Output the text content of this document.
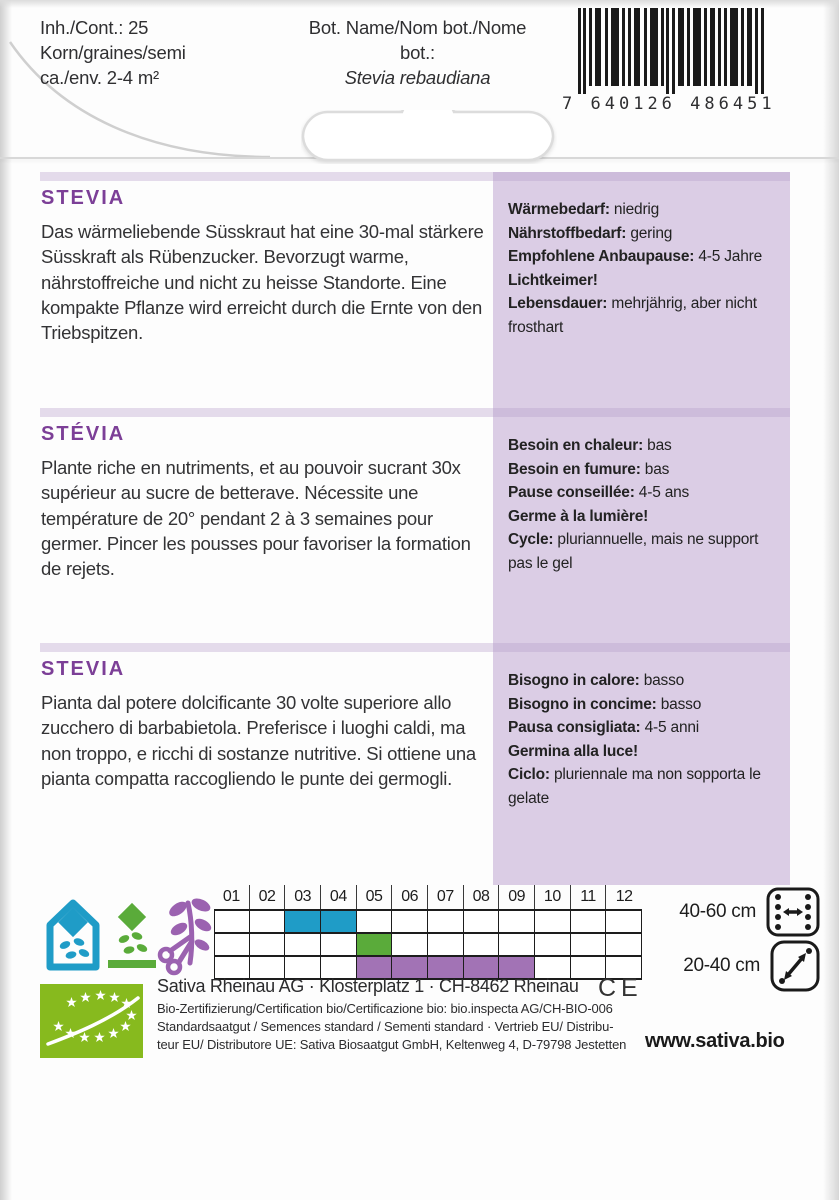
Inh./Cont.: 25 Korn/graines/semi
ca./env. 2-4 m²
Bot. Name/Nom bot./Nome bot.:
Stevia rebaudiana
7 640126 486451
STEVIA
Das wärmeliebende Süsskraut hat eine 30-mal stärkere Süsskraft als Rübenzucker. Bevorzugt warme, nährstoffreiche und nicht zu heisse Standorte. Eine kompakte Pflanze wird erreicht durch die Ernte von den Triebspitzen.
Wärmebedarf: niedrig
Nährstoffbedarf: gering
Empfohlene Anbaupause: 4-5 Jahre
Lichtkeimer!
Lebensdauer: mehrjährig, aber nicht frosthart
STÉVIA
Plante riche en nutriments, et au pouvoir sucrant 30x supérieur au sucre de betterave. Nécessite une température de 20° pendant 2 à 3 semaines pour germer. Pincer les pousses pour favoriser la formation de rejets.
Besoin en chaleur: bas
Besoin en fumure: bas
Pause conseillée: 4-5 ans
Germe à la lumière!
Cycle: pluriannuelle, mais ne support pas le gel
STEVIA
Pianta dal potere dolcificante 30 volte superiore allo zucchero di barbabietola. Preferisce i luoghi caldi, ma non troppo, e ricchi di sostanze nutritive. Si ottiene una pianta compatta raccogliendo le punte dei germogli.
Bisogno in calore: basso
Bisogno in concime: basso
Pausa consigliata: 4-5 anni
Germina alla luce!
Ciclo: pluriennale ma non sopporta le gelate
01	02	03	04	05	06	07	08	09	10	11	12
40-60 cm
20-40 cm
Sativa Rheinau AG · Klosterplatz 1 · CH-8462 Rheinau
Bio-Zertifizierung/Certification bio/Certificazione bio: bio.inspecta AG/CH-BIO-006
Standardsaatgut / Semences standard / Sementi standard · Vertrieb EU/ Distribu-
teur EU/ Distributore UE: Sativa Biosaatgut GmbH, Keltenweg 4, D-79798 Jestetten
CE
www.sativa.bio
